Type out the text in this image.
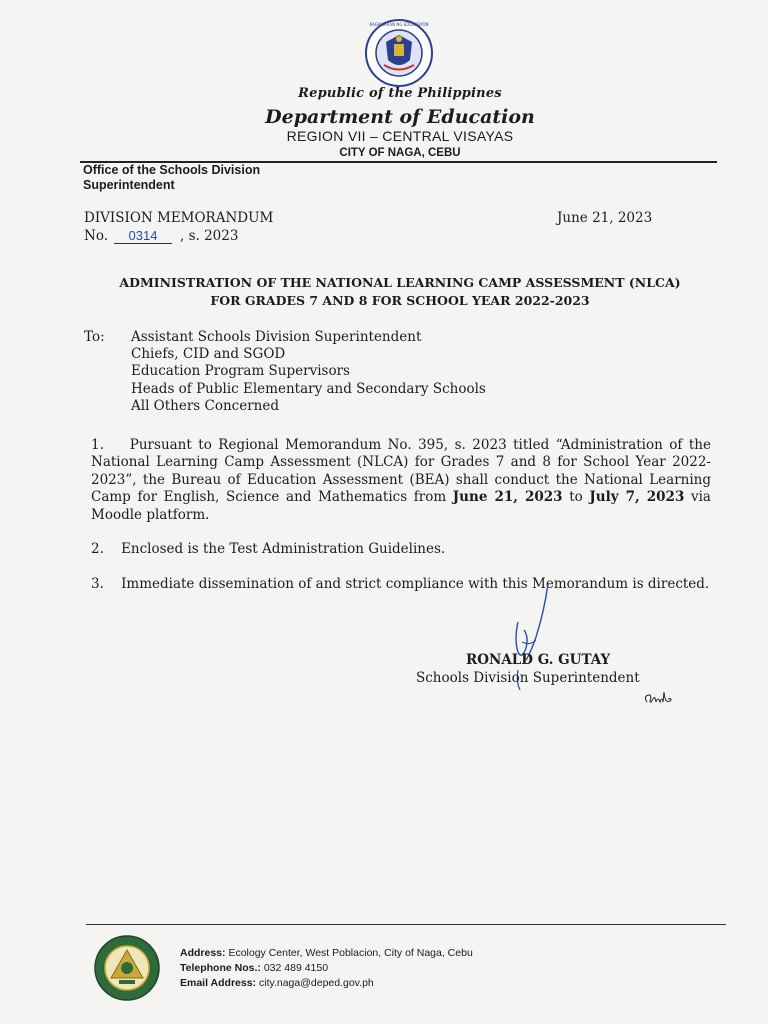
KAGAWARAN NG EDUKASYON
Republic of the Philippines
Department of Education
REGION VII – CENTRAL VISAYAS
CITY OF NAGA, CEBU
Office of the Schools Division Superintendent
DIVISION MEMORANDUM	June 21, 2023
No. 0314 , s. 2023
ADMINISTRATION OF THE NATIONAL LEARNING CAMP ASSESSMENT (NLCA)
FOR GRADES 7 AND 8 FOR SCHOOL YEAR 2022-2023
To: Assistant Schools Division Superintendent
Chiefs, CID and SGOD
Education Program Supervisors
Heads of Public Elementary and Secondary Schools
All Others Concerned
1. Pursuant to Regional Memorandum No. 395, s. 2023 titled “Administration of the National Learning Camp Assessment (NLCA) for Grades 7 and 8 for School Year 2022-2023”, the Bureau of Education Assessment (BEA) shall conduct the National Learning Camp for English, Science and Mathematics from June 21, 2023 to July 7, 2023 via Moodle platform.
2. Enclosed is the Test Administration Guidelines.
3. Immediate dissemination of and strict compliance with this Memorandum is directed.
RONALD G. GUTAY
Schools Division Superintendent
Address: Ecology Center, West Poblacion, City of Naga, Cebu
Telephone Nos.: 032 489 4150
Email Address: city.naga@deped.gov.ph
